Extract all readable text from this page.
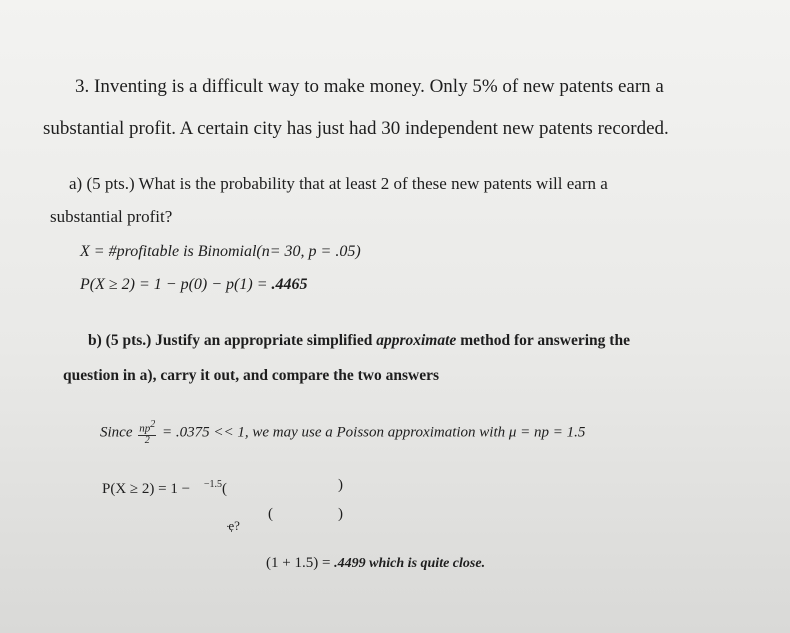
3. Inventing is a difficult way to make money. Only 5% of new patents earn a
substantial profit. A certain city has just had 30 independent new patents recorded.
a) (5 pts.) What is the probability that at least 2 of these new patents will earn a
substantial profit?
X = #profitable is Binomial(n= 30, p = .05)
P(X ≥ 2) = 1 − p(0) − p(1) = .4465
b) (5 pts.) Justify an appropriate simplified approximate method for answering the
question in a), carry it out, and compare the two answers
Since $\frac{np^2}{2} = .0375 << 1$, we may use a Poisson approximation with μ = np = 1.5
P(X ≥ 2) = 1 − $^{-1.5}$(	)
ҿ?
(	)
(1 + 1.5) = .4499 which is quite close.
